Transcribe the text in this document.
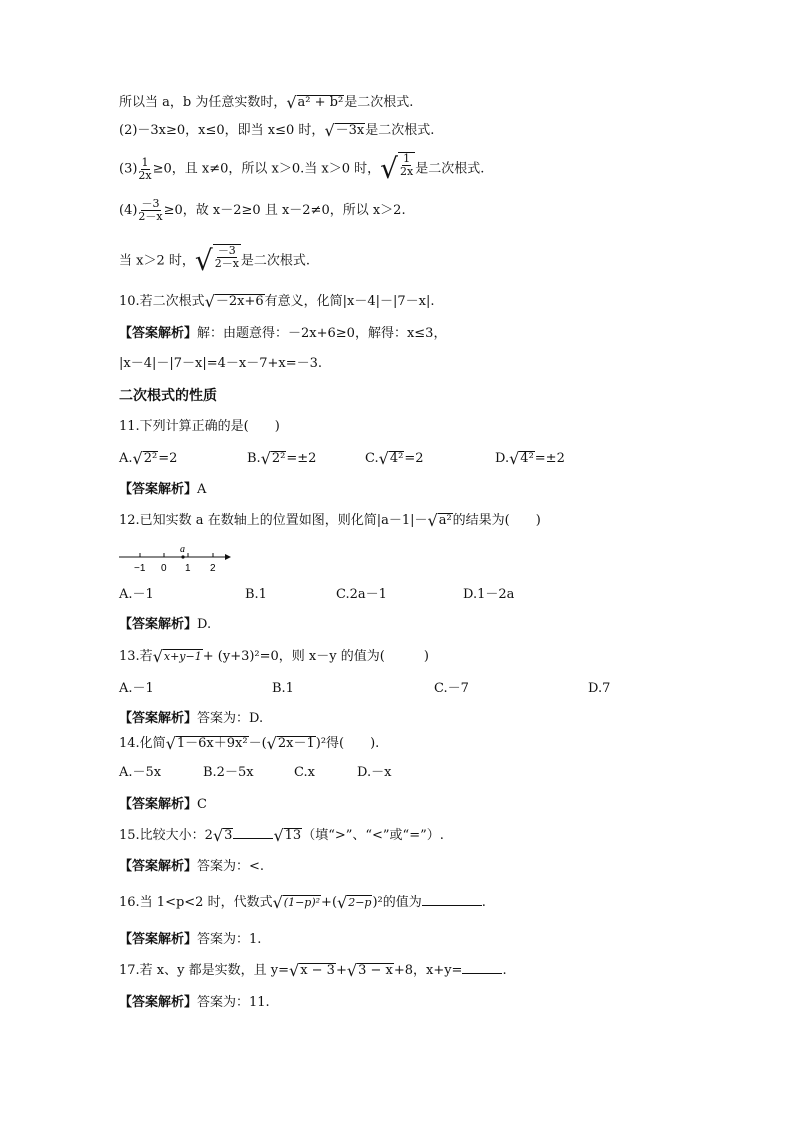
所以当 a，b 为任意实数时， √ a² + b² 是二次根式.
(2)－3x≥0，x≤0，即当 x≤0 时， √ －3x 是二次根式.
$(3) \frac{1}{2x} \ge 0$，且 x≠0，所以 x＞0.当 x＞0 时， √ $\frac{1}{2x}$ 是二次根式.
$(4) \frac{-3}{2-x} \ge 0$，故 x－2≥0 且 x－2≠0，所以 x＞2.
当 x＞2 时， √ $\frac{-3}{2-x}$ 是二次根式.
10.若二次根式 √ －2x+6 有意义，化简|x－4|－|7－x|.
【答案解析】解：由题意得：－2x+6≥0，解得：x≤3，
|x－4|－|7－x|=4－x－7+x=－3.
二次根式的性质
11.下列计算正确的是(　　)
A. √ 2² =2	B. √ 2² =±2	C. √ 4² =2	D. √ 4² =±2
【答案解析】A
12.已知实数 a 在数轴上的位置如图，则化简|a－1|－ √ a² 的结果为(　　)
a
−1 0 1 2
A.－1	B.1	C.2a－1	D.1－2a
【答案解析】D.
13.若 √ x+y−1 + (y+3)²=0，则 x－y 的值为(　　　)
A.－1	B.1	C.－7	D.7
【答案解析】答案为：D.
14.化简 √ 1－6x＋9x² －( √ 2x－1 )²得(　　).
A.－5x	B.2－5x	C.x	D.－x
【答案解析】C
15.比较大小：2 √ 3	√ 13 （填“>”、“<”或“=”）.
【答案解析】答案为：<.
16.当 1<p<2 时，代数式 √ (1−p)² +( √ 2−p )²的值为	.
【答案解析】答案为：1.
17.若 x、y 都是实数，且 y= √ x − 3 + √ 3 − x +8，x+y=	.
【答案解析】答案为：11.
